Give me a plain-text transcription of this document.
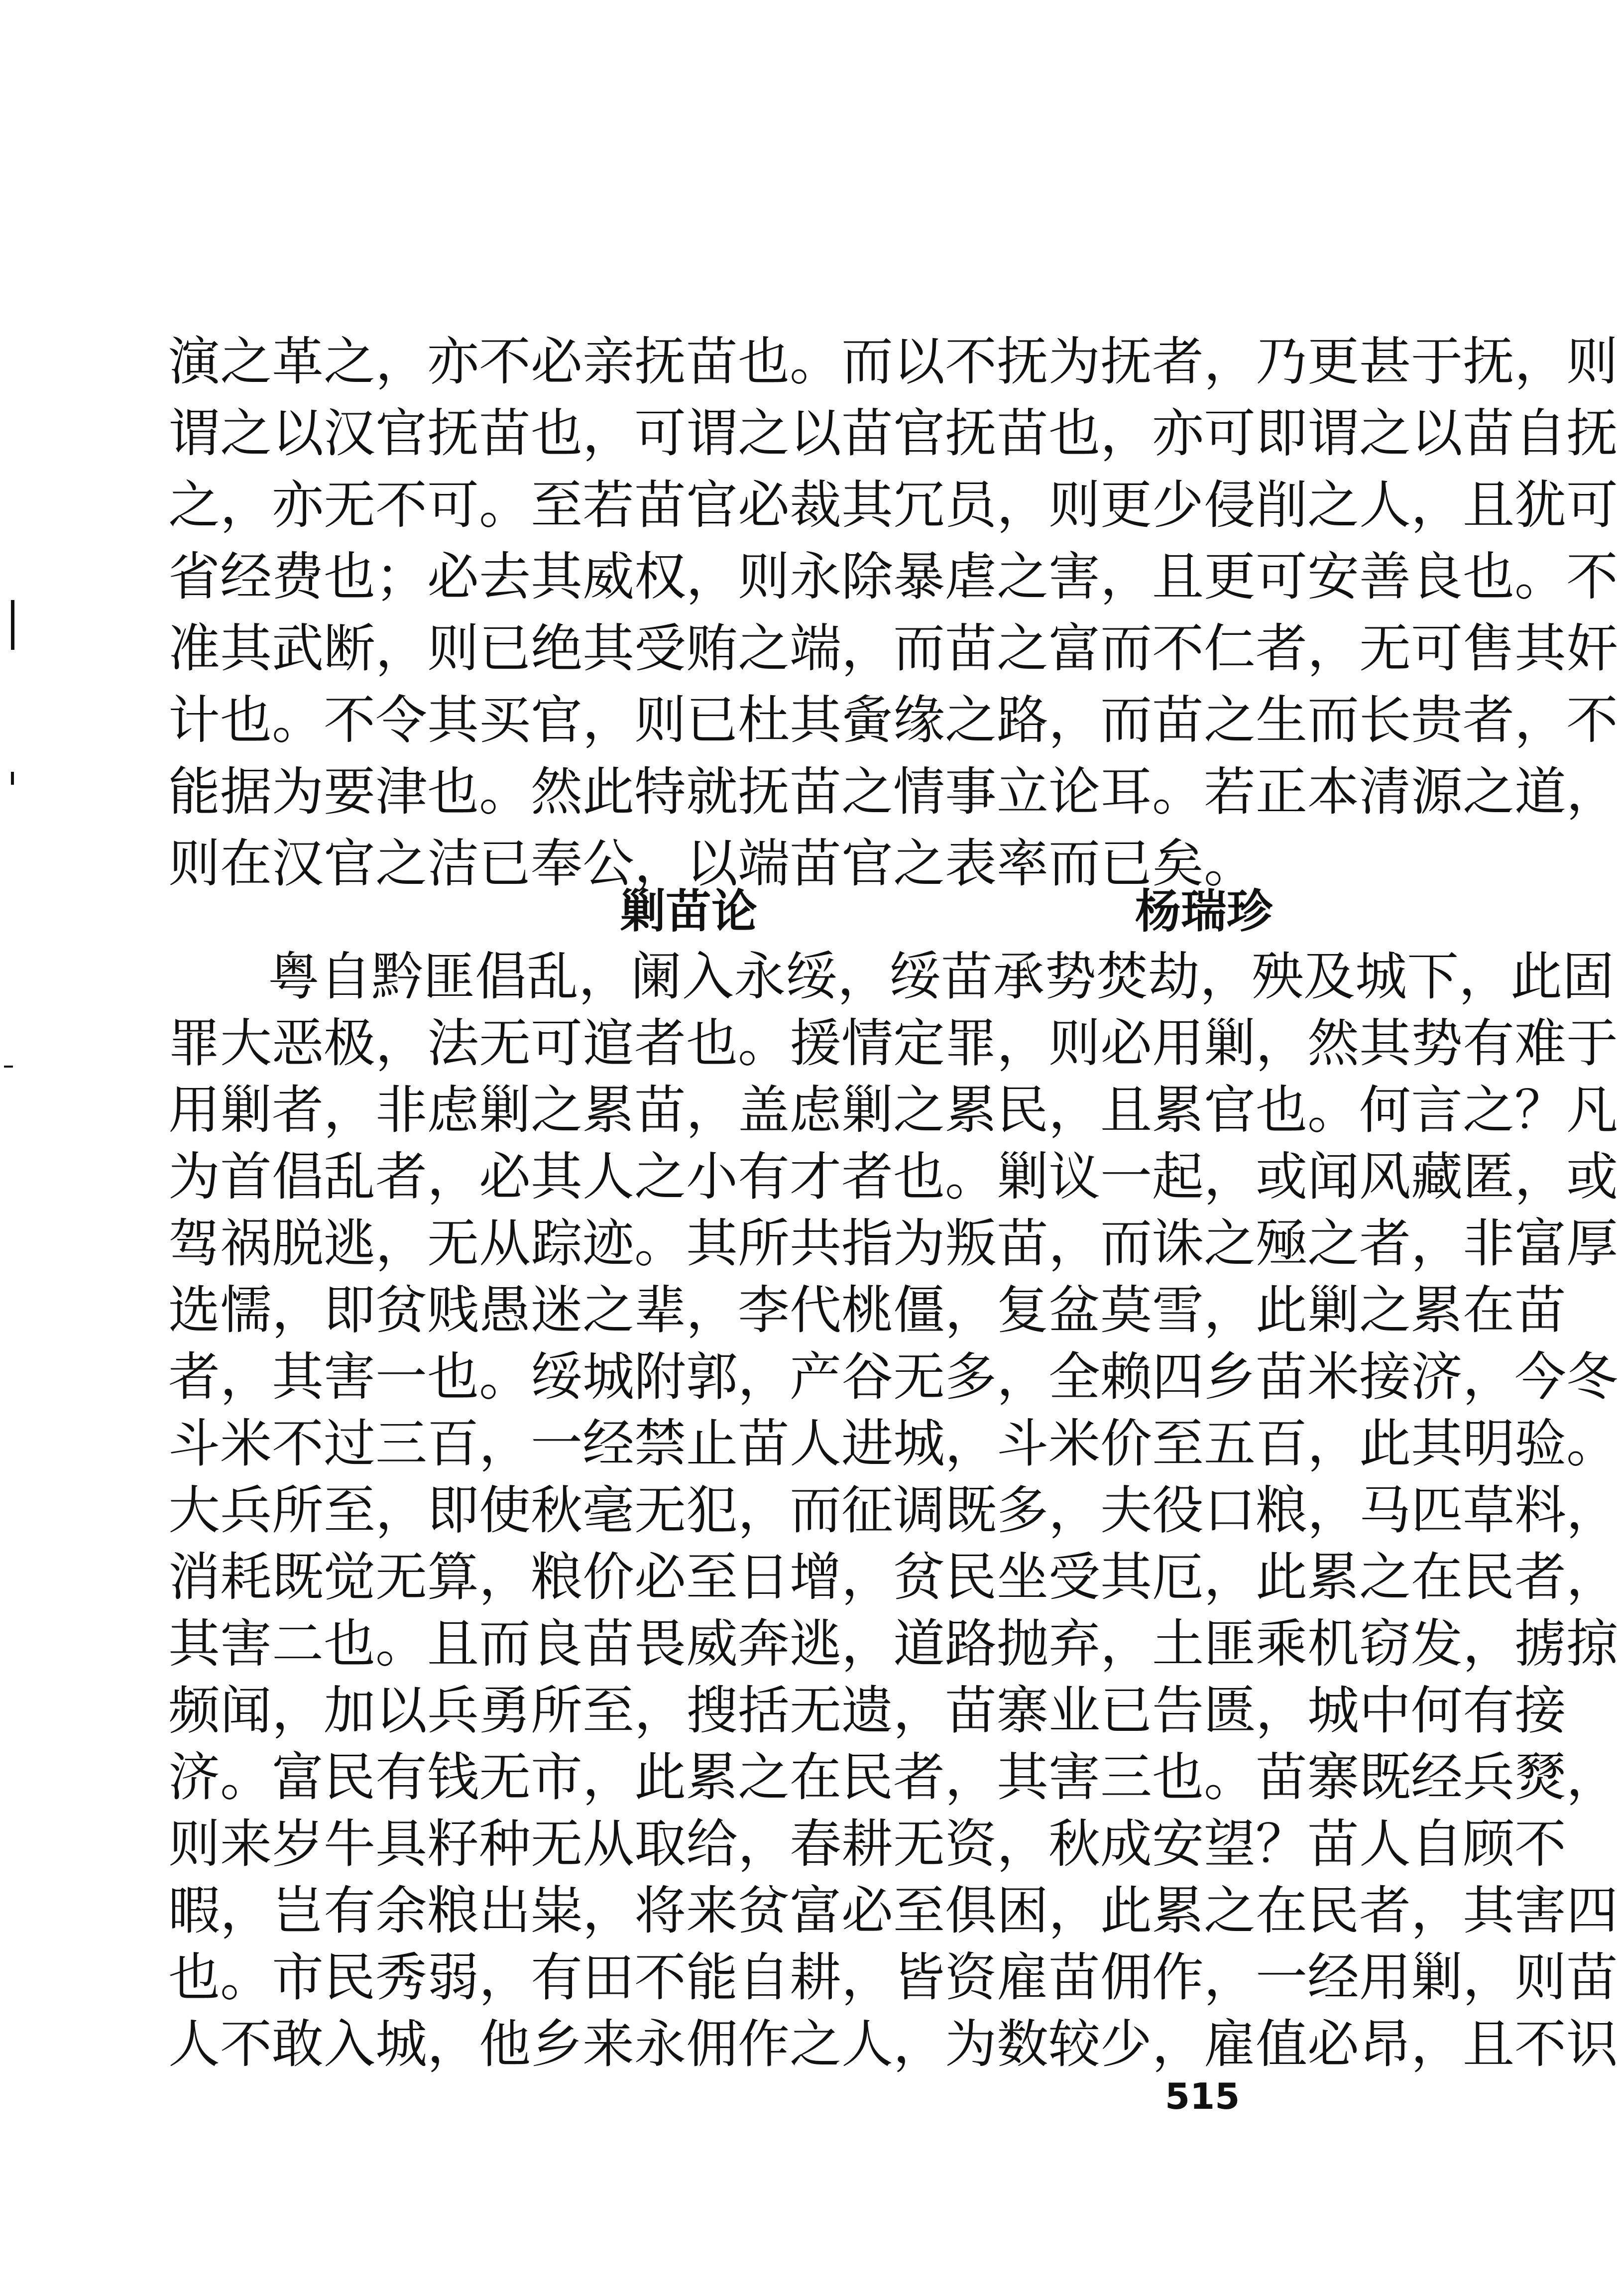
演之革之，亦不必亲抚苗也。而以不抚为抚者，乃更甚于抚，则
谓之以汉官抚苗也，可谓之以苗官抚苗也，亦可即谓之以苗自抚
之，亦无不可。至若苗官必裁其冗员，则更少侵削之人，且犹可
省经费也；必去其威权，则永除暴虐之害，且更可安善良也。不
准其武断，则已绝其受贿之端，而苗之富而不仁者，无可售其奸
计也。不令其买官，则已杜其夤缘之路，而苗之生而长贵者，不
能据为要津也。然此特就抚苗之情事立论耳。若正本清源之道，
则在汉官之洁已奉公，以端苗官之表率而已矣。
剿苗论	杨瑞珍
粤自黔匪倡乱，阑入永绥，绥苗承势焚劫，殃及城下，此固
罪大恶极，法无可逭者也。援情定罪，则必用剿，然其势有难于
用剿者，非虑剿之累苗，盖虑剿之累民，且累官也。何言之？凡
为首倡乱者，必其人之小有才者也。剿议一起，或闻风藏匿，或
驾祸脱逃，无从踪迹。其所共指为叛苗，而诛之殛之者，非富厚
选懦，即贫贱愚迷之辈，李代桃僵，复盆莫雪，此剿之累在苗
者，其害一也。绥城附郭，产谷无多，全赖四乡苗米接济，今冬
斗米不过三百，一经禁止苗人进城，斗米价至五百，此其明验。
大兵所至，即使秋毫无犯，而征调既多，夫役口粮，马匹草料，
消耗既觉无算，粮价必至日增，贫民坐受其厄，此累之在民者，
其害二也。且而良苗畏威奔逃，道路抛弃，土匪乘机窃发，掳掠
频闻，加以兵勇所至，搜括无遗，苗寨业已告匮，城中何有接
济。富民有钱无市，此累之在民者，其害三也。苗寨既经兵燹，
则来岁牛具籽种无从取给，春耕无资，秋成安望？苗人自顾不
暇，岂有余粮出粜，将来贫富必至俱困，此累之在民者，其害四
也。市民秀弱，有田不能自耕，皆资雇苗佣作，一经用剿，则苗
人不敢入城，他乡来永佣作之人，为数较少，雇值必昂，且不识
515
